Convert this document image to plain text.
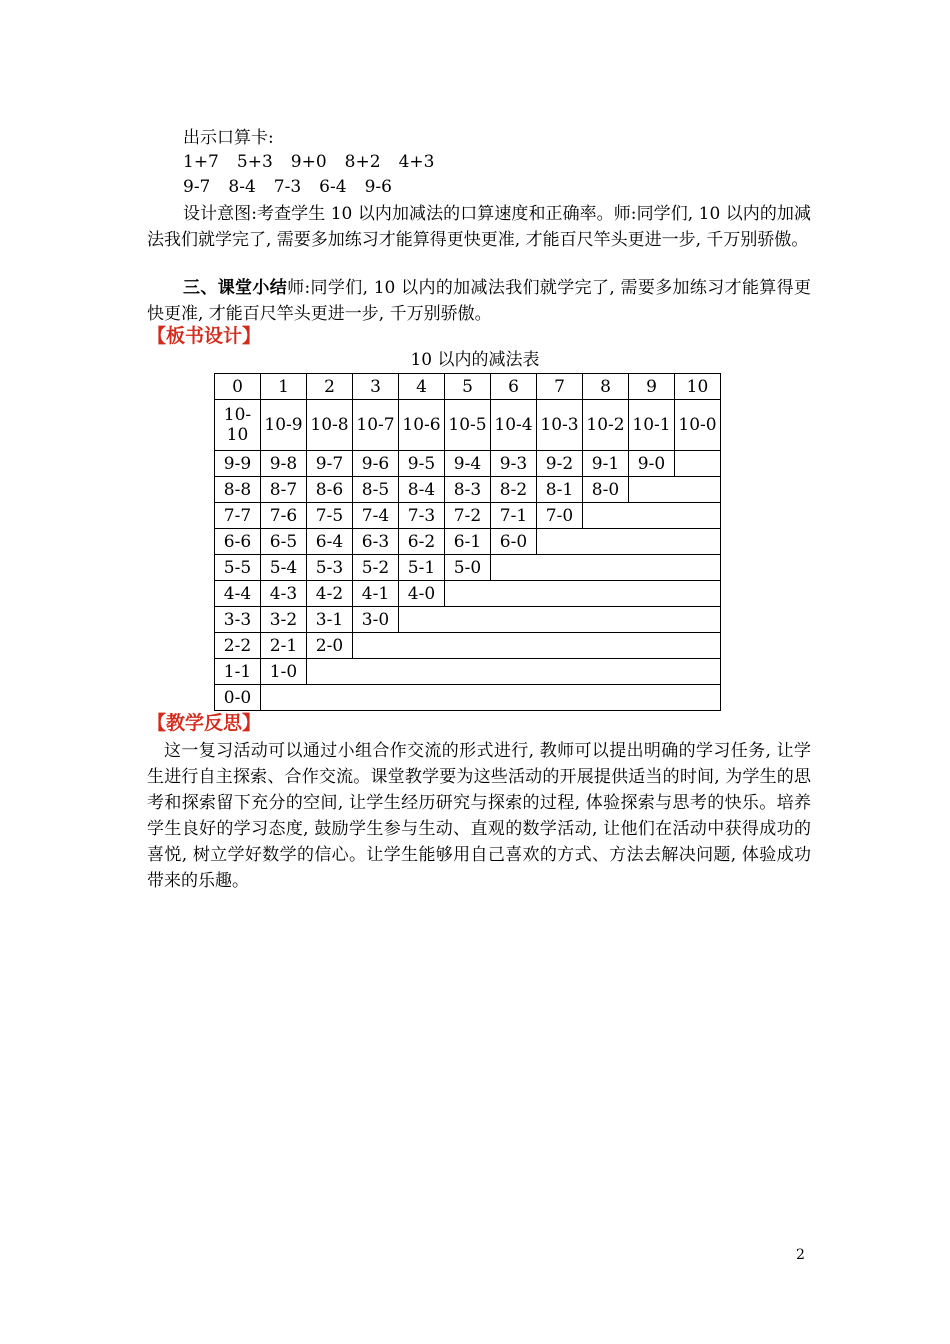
出示口算卡:
1+7 5+3 9+0 8+2 4+3
9-7 8-4 7-3 6-4 9-6
设计意图:考查学生 10 以内加减法的口算速度和正确率。师:同学们, 10 以内的加减法我们就学完了, 需要多加练习才能算得更快更准, 才能百尺竿头更进一步, 千万别骄傲。
三、课堂小结师:同学们, 10 以内的加减法我们就学完了, 需要多加练习才能算得更快更准, 才能百尺竿头更进一步, 千万别骄傲。
【板书设计】
10 以内的减法表
0	1	2	3	4	5	6	7	8	9	10
10-10	10-9	10-8	10-7	10-6	10-5	10-4	10-3	10-2	10-1	10-0
9-9	9-8	9-7	9-6	9-5	9-4	9-3	9-2	9-1	9-0	
8-8	8-7	8-6	8-5	8-4	8-3	8-2	8-1	8-0		
7-7	7-6	7-5	7-4	7-3	7-2	7-1	7-0			
6-6	6-5	6-4	6-3	6-2	6-1	6-0				
5-5	5-4	5-3	5-2	5-1	5-0					
4-4	4-3	4-2	4-1	4-0						
3-3	3-2	3-1	3-0							
2-2	2-1	2-0								
1-1	1-0									
0-0										
【教学反思】
这一复习活动可以通过小组合作交流的形式进行, 教师可以提出明确的学习任务, 让学生进行自主探索、合作交流。课堂教学要为这些活动的开展提供适当的时间, 为学生的思考和探索留下充分的空间, 让学生经历研究与探索的过程, 体验探索与思考的快乐。培养学生良好的学习态度, 鼓励学生参与生动、直观的数学活动, 让他们在活动中获得成功的喜悦, 树立学好数学的信心。让学生能够用自己喜欢的方式、方法去解决问题, 体验成功带来的乐趣。
2
